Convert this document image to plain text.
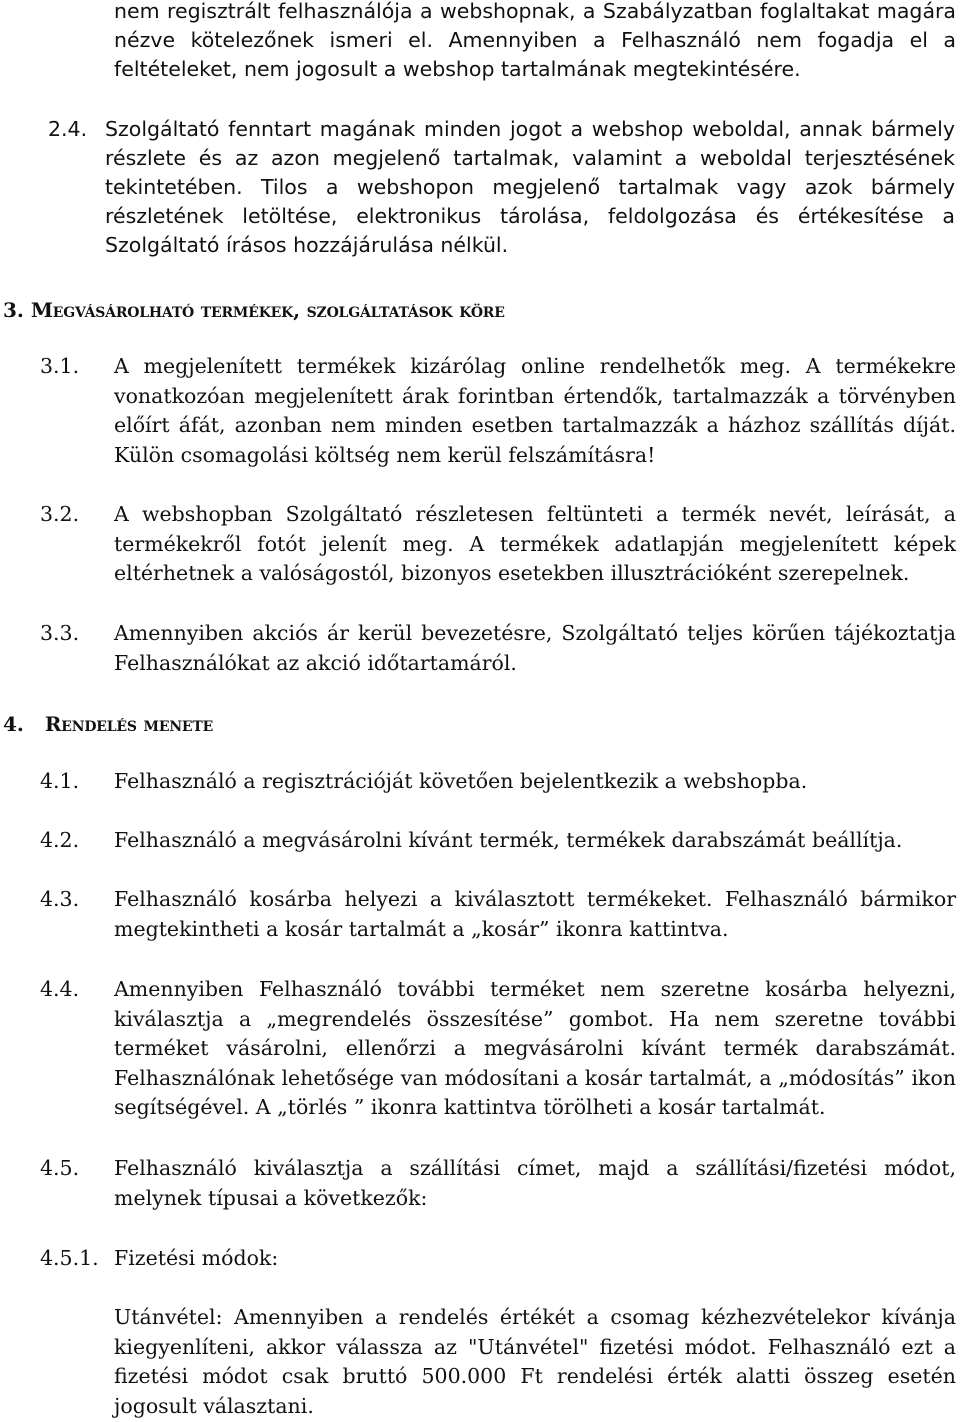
nem regisztrált felhasználója a webshopnak, a Szabályzatban foglaltakat magára nézve kötelezőnek ismeri el. Amennyiben a Felhasználó nem fogadja el a feltételeket, nem jogosult a webshop tartalmának megtekintésére.

2.4. Szolgáltató fenntart magának minden jogot a webshop weboldal, annak bármely részlete és az azon megjelenő tartalmak, valamint a weboldal terjesztésének tekintetében. Tilos a webshopon megjelenő tartalmak vagy azok bármely részletének letöltése, elektronikus tárolása, feldolgozása és értékesítése a Szolgáltató írásos hozzájárulása nélkül.

3. Megvásárolható termékek, szolgáltatások köre
3.1. A megjelenített termékek kizárólag online rendelhetők meg. A termékekre vonatkozóan megjelenített árak forintban értendők, tartalmazzák a törvényben előírt áfát, azonban nem minden esetben tartalmazzák a házhoz szállítás díját. Külön csomagolási költség nem kerül felszámításra!

3.2. A webshopban Szolgáltató részletesen feltünteti a termék nevét, leírását, a termékekről fotót jelenít meg. A termékek adatlapján megjelenített képek eltérhetnek a valóságostól, bizonyos esetekben illusztrációként szerepelnek.

3.3. Amennyiben akciós ár kerül bevezetésre, Szolgáltató teljes körűen tájékoztatja Felhasználókat az akció időtartamáról.

4. Rendelés menete
4.1. Felhasználó a regisztrációját követően bejelentkezik a webshopba.

4.2. Felhasználó a megvásárolni kívánt termék, termékek darabszámát beállítja.

4.3. Felhasználó kosárba helyezi a kiválasztott termékeket. Felhasználó bármikor megtekintheti a kosár tartalmát a „kosár” ikonra kattintva.

4.4. Amennyiben Felhasználó további terméket nem szeretne kosárba helyezni, kiválasztja a „megrendelés összesítése” gombot. Ha nem szeretne további terméket vásárolni, ellenőrzi a megvásárolni kívánt termék darabszámát. Felhasználónak lehetősége van módosítani a kosár tartalmát, a „módosítás” ikon segítségével. A „törlés ” ikonra kattintva törölheti a kosár tartalmát.

4.5. Felhasználó kiválasztja a szállítási címet, majd a szállítási/fizetési módot, melynek típusai a következők:

4.5.1. Fizetési módok:

Utánvétel: Amennyiben a rendelés értékét a csomag kézhezvételekor kívánja kiegyenlíteni, akkor válassza az "Utánvétel" fizetési módot. Felhasználó ezt a fizetési módot csak bruttó 500.000 Ft rendelési érték alatti összeg esetén jogosult választani.
